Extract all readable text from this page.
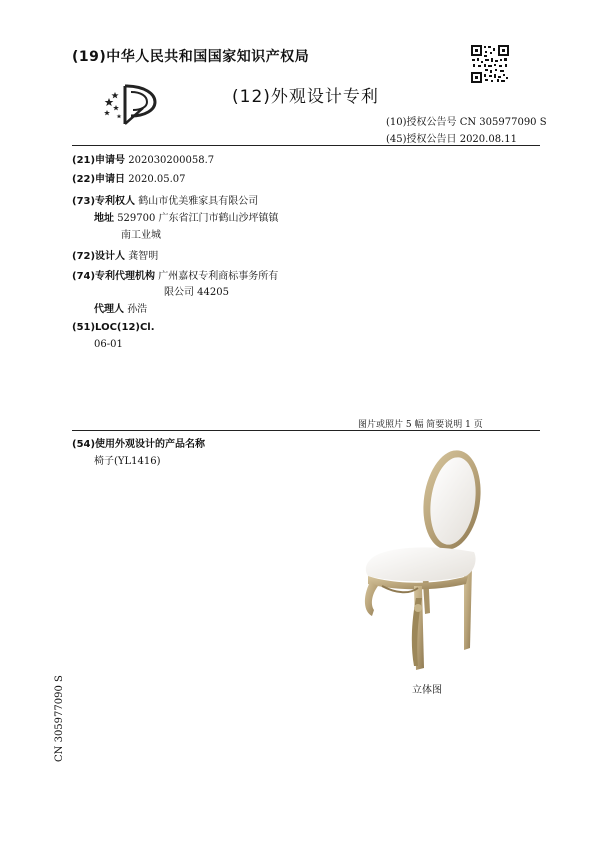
(19)中华人民共和国国家知识产权局
(12)外观设计专利
(10)授权公告号 CN 305977090 S
(45)授权公告日 2020.08.11
(21)申请号 202030200058.7
(22)申请日 2020.05.07
(73)专利权人 鹤山市优美雅家具有限公司
地址 529700 广东省江门市鹤山沙坪镇镇
南工业城
(72)设计人 龚智明
(74)专利代理机构 广州嘉权专利商标事务所有
限公司 44205
代理人 孙浩
(51)LOC(12)Cl.
06-01
图片或照片 5 幅 简要说明 1 页
(54)使用外观设计的产品名称
椅子(YL1416)
立体图
CN 305977090 S
